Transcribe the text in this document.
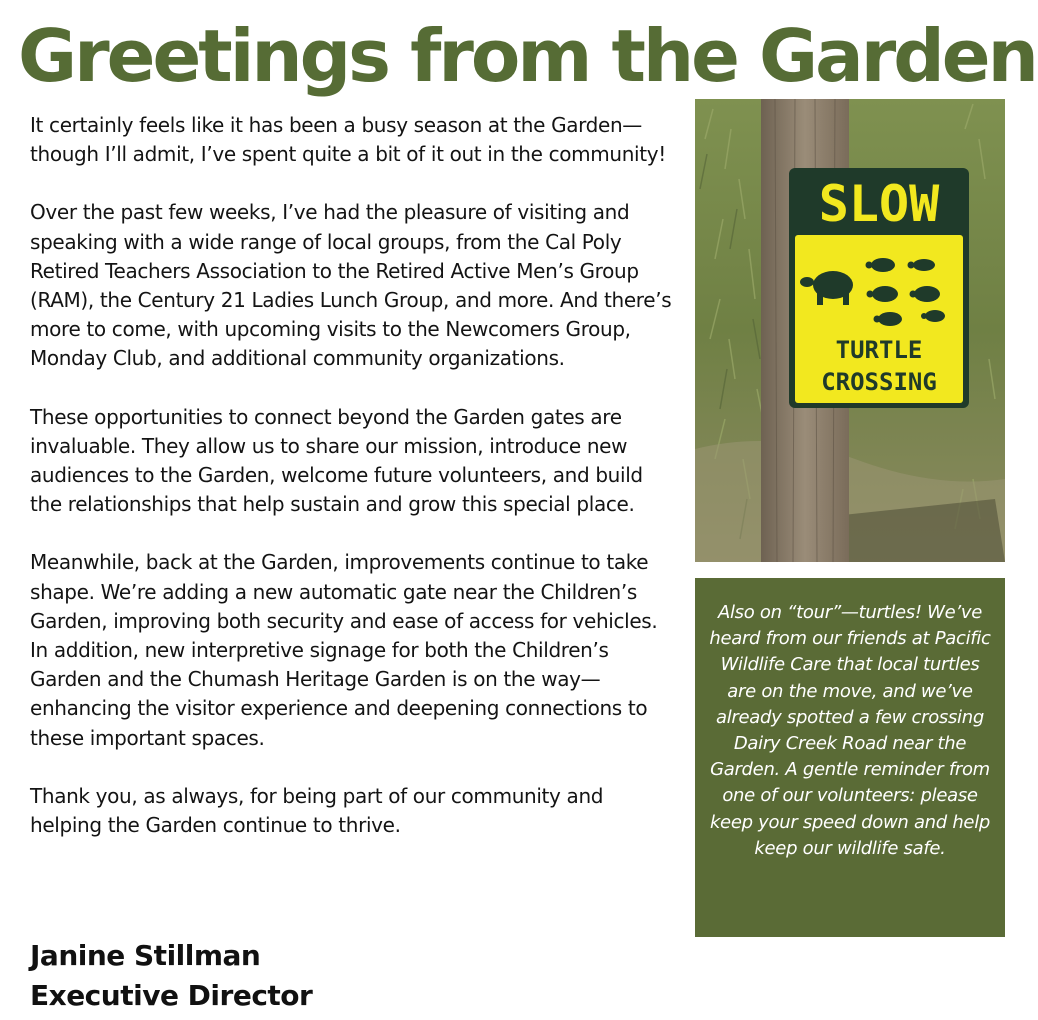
Greetings from the Garden

It certainly feels like it has been a busy season at the Garden—though I’ll admit, I’ve spent quite a bit of it out in the community!

Over the past few weeks, I’ve had the pleasure of visiting and speaking with a wide range of local groups, from the Cal Poly Retired Teachers Association to the Retired Active Men’s Group (RAM), the Century 21 Ladies Lunch Group, and more. And there’s more to come, with upcoming visits to the Newcomers Group, Monday Club, and additional community organizations.

These opportunities to connect beyond the Garden gates are invaluable. They allow us to share our mission, introduce new audiences to the Garden, welcome future volunteers, and build the relationships that help sustain and grow this special place.

Meanwhile, back at the Garden, improvements continue to take shape. We’re adding a new automatic gate near the Children’s Garden, improving both security and ease of access for vehicles. In addition, new interpretive signage for both the Children’s Garden and the Chumash Heritage Garden is on the way—enhancing the visitor experience and deepening connections to these important spaces.

Thank you, as always, for being part of our community and helping the Garden continue to thrive.

Janine Stillman

Executive Director

SLOW
TURTLE
CROSSING

Also on “tour”—turtles! We’ve heard from our friends at Pacific Wildlife Care that local turtles are on the move, and we’ve already spotted a few crossing Dairy Creek Road near the Garden. A gentle reminder from one of our volunteers: please keep your speed down and help keep our wildlife safe.
